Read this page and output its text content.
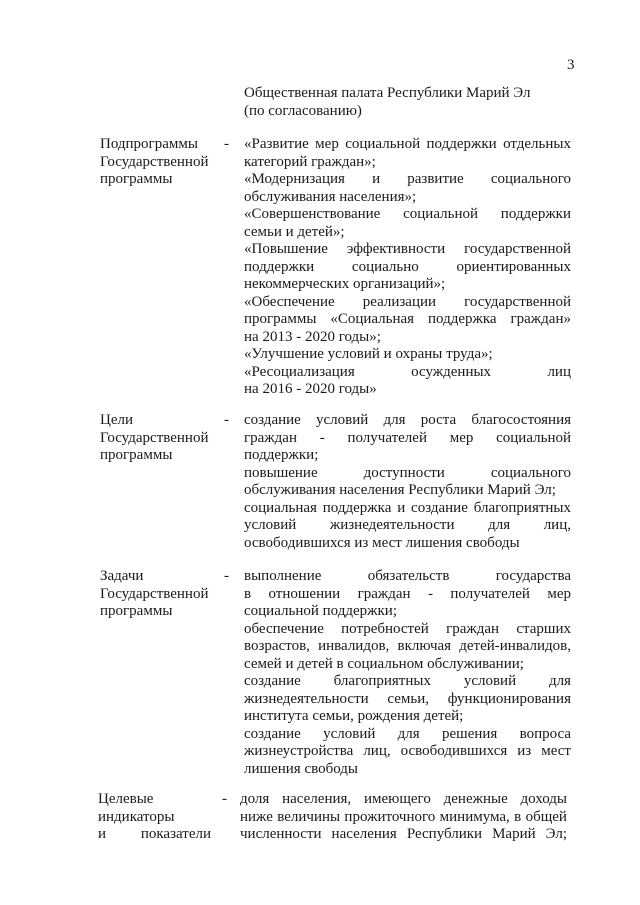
3
Общественная палата Республики Марий Эл
(по согласованию)
Подпрограммы
Государственной
программы
- «Развитие мер социальной поддержки отдельных
категорий граждан»;
«Модернизация и развитие социального
обслуживания населения»;
«Совершенствование социальной поддержки
семьи и детей»;
«Повышение эффективности государственной
поддержки	социально	ориентированных
некоммерческих организаций»;
«Обеспечение реализации государственной
программы «Социальная поддержка граждан»
на 2013 - 2020 годы»;
«Улучшение условий и охраны труда»;
«Ресоциализация	осужденных	лиц
на 2016 - 2020 годы»
Цели
Государственной
программы
- создание условий для роста благосостояния
граждан - получателей мер социальной
поддержки;
повышение	доступности	социального
обслуживания населения Республики Марий Эл;
социальная поддержка и создание благоприятных
условий жизнедеятельности для лиц,
освободившихся из мест лишения свободы
Задачи
Государственной
программы
- выполнение	обязательств	государства
в отношении граждан - получателей мер
социальной поддержки;
обеспечение потребностей граждан старших
возрастов, инвалидов, включая детей-инвалидов,
семей и детей в социальном обслуживании;
создание благоприятных условий для
жизнедеятельности семьи, функционирования
института семьи, рождения детей;
создание условий для решения вопроса
жизнеустройства лиц, освободившихся из мест
лишения свободы
Целевые
индикаторы
и показатели
- доля населения, имеющего денежные доходы
ниже величины прожиточного минимума, в общей
численности населения Республики Марий Эл;
